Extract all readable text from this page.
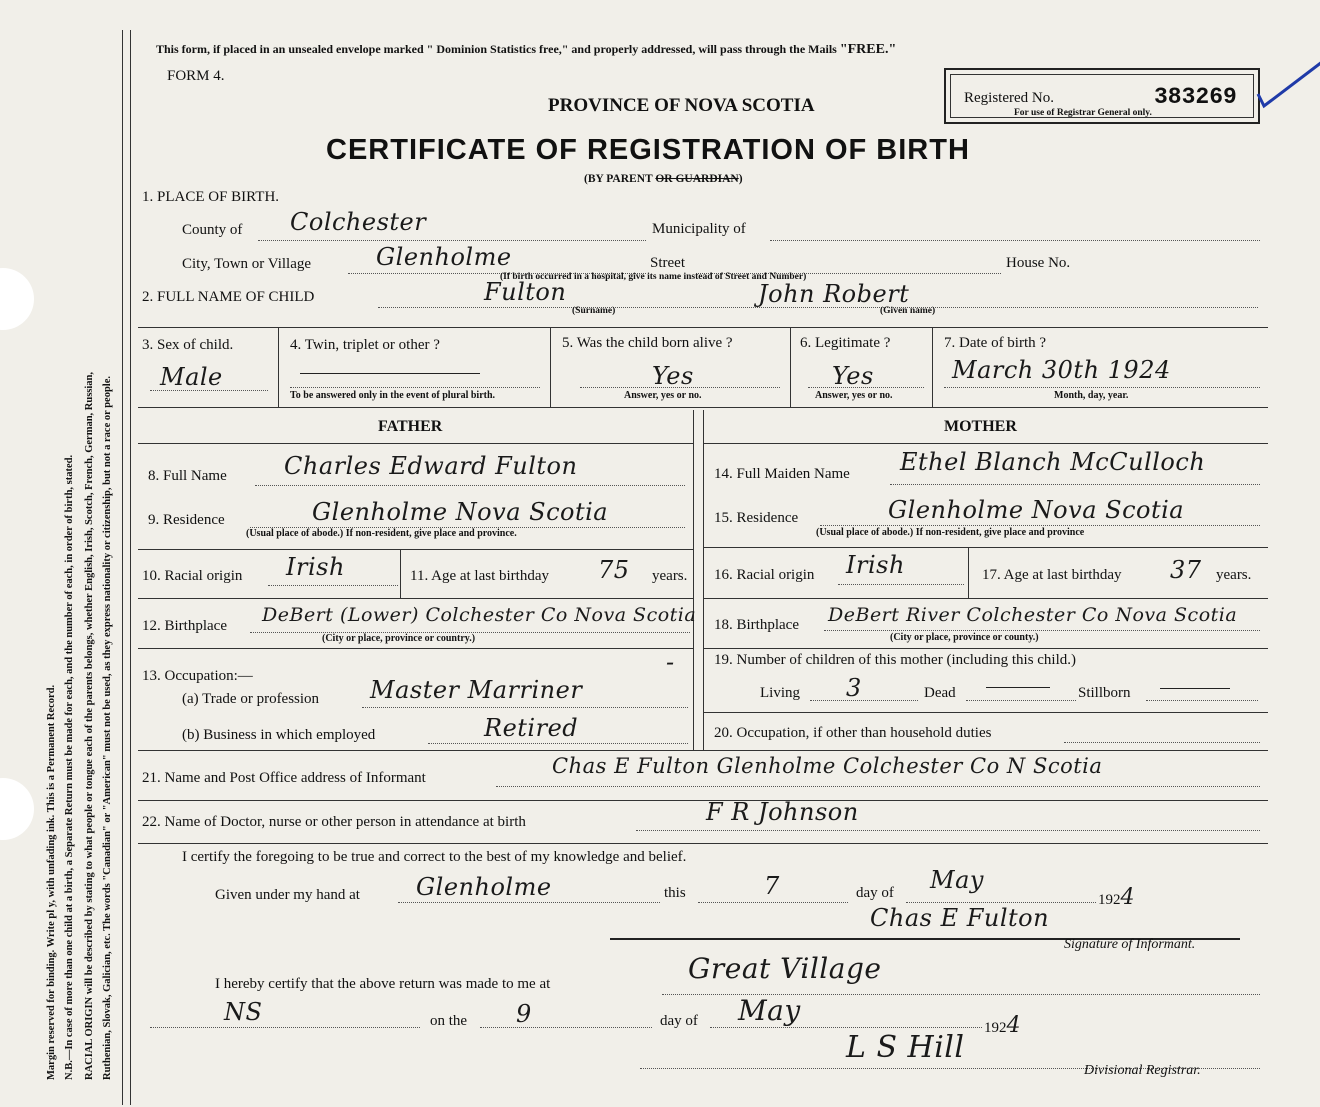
Margin reserved for binding. Write pl y, with unfading ink. This is a Permanent Record. N.B.—In case of more than one child at a birth, a Separate Return must be made for each, and the number of each, in order of birth, stated. RACIAL ORIGIN will be described by stating to what people or tongue each of the parents belongs, whether English, Irish, Scotch, French, German, Russian, Ruthenian, Slovak, Galician, etc. The words "Canadian" or "American" must not be used, as they express nationality or citizenship, but not a race or people.
This form, if placed in an unsealed envelope marked " Dominion Statistics free," and properly addressed, will pass through the Mails "FREE."
FORM 4.
PROVINCE OF NOVA SCOTIA
CERTIFICATE OF REGISTRATION OF BIRTH
(BY PARENT OR GUARDIAN)
Registered No.	383269
For use of Registrar General only.
1. PLACE OF BIRTH.
County of Colchester	Municipality of
City, Town or Village	Glenholme	Street	House No.
(If birth occurred in a hospital, give its name instead of Street and Number)
2. FULL NAME OF CHILD	Fulton	John Robert
(Surname)	(Given name)
3. Sex of child.
Male
4. Twin, triplet or other ?
To be answered only in the event of plural birth.
5. Was the child born alive ?
Yes
Answer, yes or no.
6. Legitimate ?
Yes
Answer, yes or no.
7. Date of birth ?
March 30th 1924
Month, day, year.
FATHER	MOTHER
8. Full Name Charles Edward Fulton	14. Full Maiden Name Ethel Blanch McCulloch
9. Residence	Glenholme Nova Scotia
(Usual place of abode.) If non-resident, give place and province.
15. Residence	Glenholme Nova Scotia
(Usual place of abode.) If non-resident, give place and province
10. Racial origin Irish	11. Age at last birthday 75 years. 16. Racial origin Irish	17. Age at last birthday 37 years.
12. Birthplace DeBert (Lower) Colchester Co Nova Scotia
(City or place, province or country.)
18. Birthplace DeBert River Colchester Co Nova Scotia
(City or place, province or county.)
13. Occupation:—	-
(a) Trade or profession Master Marriner
(b) Business in which employed	Retired
19. Number of children of this mother (including this child.)
Living 3	Dead	Stillborn
20. Occupation, if other than household duties
21. Name and Post Office address of Informant	Chas E Fulton Glenholme Colchester Co N Scotia
22. Name of Doctor, nurse or other person in attendance at birth	F R Johnson
I certify the foregoing to be true and correct to the best of my knowledge and belief.
Given under my hand at Glenholme	this	7	day of May
1924
Chas E Fulton
Signature of Informant.
I hereby certify that the above return was made to me at	Great Village
NS	on the 9	day of May
1924
L S Hill
Divisional Registrar.
